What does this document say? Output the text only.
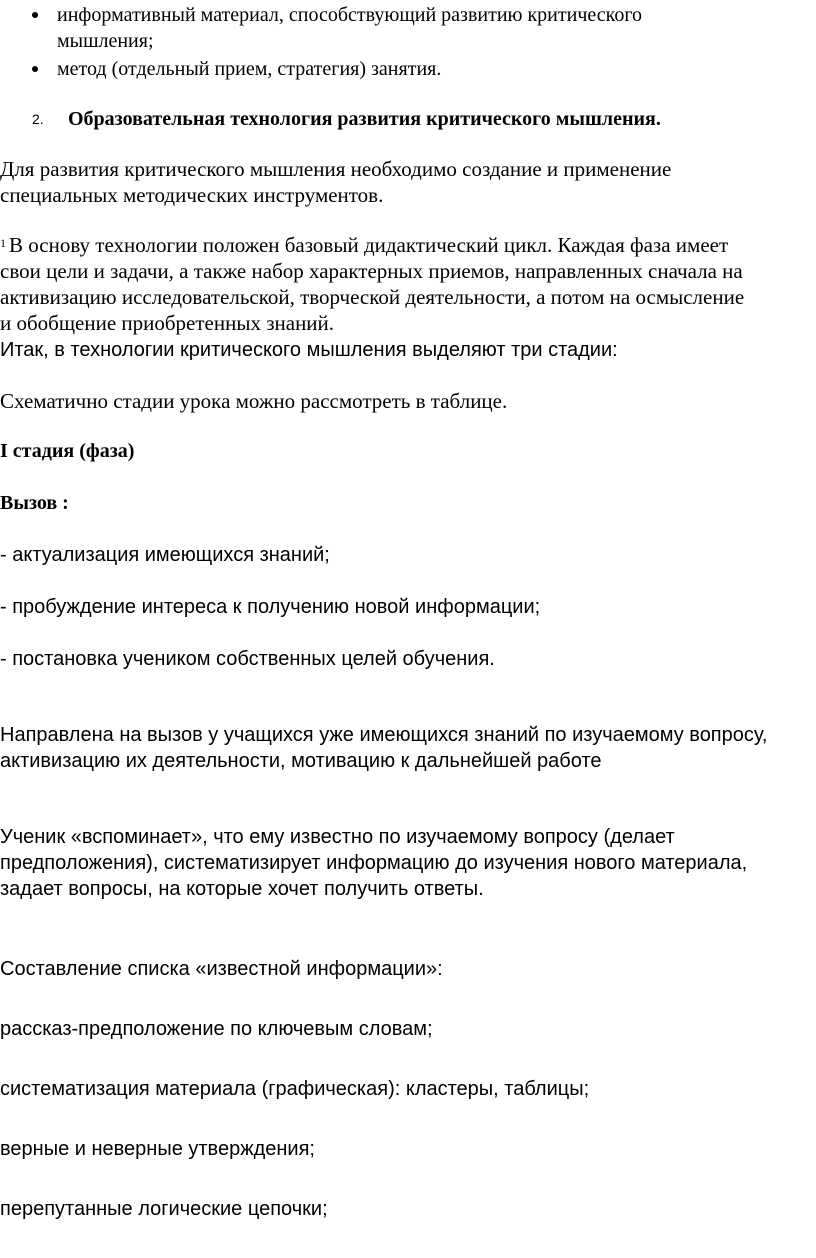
информативный материал, способствующий развитию критического
мышления;
метод (отдельный прием, стратегия) занятия.
2. Образовательная технология развития критического мышления.
Для развития критического мышления необходимо создание и применение
специальных методических инструментов.
$^1$ В основу технологии положен базовый дидактический цикл. Каждая фаза имеет
свои цели и задачи, а также набор характерных приемов, направленных сначала на
активизацию исследовательской, творческой деятельности, а потом на осмысление
и обобщение приобретенных знаний.
Итак, в технологии критического мышления выделяют три стадии:
Схематично стадии урока можно рассмотреть в таблице.
I стадия (фаза)
Вызов :
- актуализация имеющихся знаний;
- пробуждение интереса к получению новой информации;
- постановка учеником собственных целей обучения.
Направлена на вызов у учащихся уже имеющихся знаний по изучаемому вопросу,
активизацию их деятельности, мотивацию к дальнейшей работе
Ученик «вспоминает», что ему известно по изучаемому вопросу (делает
предположения), систематизирует информацию до изучения нового материала,
задает вопросы, на которые хочет получить ответы.
Составление списка «известной информации»:
рассказ-предположение по ключевым словам;
систематизация материала (графическая): кластеры, таблицы;
верные и неверные утверждения;
перепутанные логические цепочки;
